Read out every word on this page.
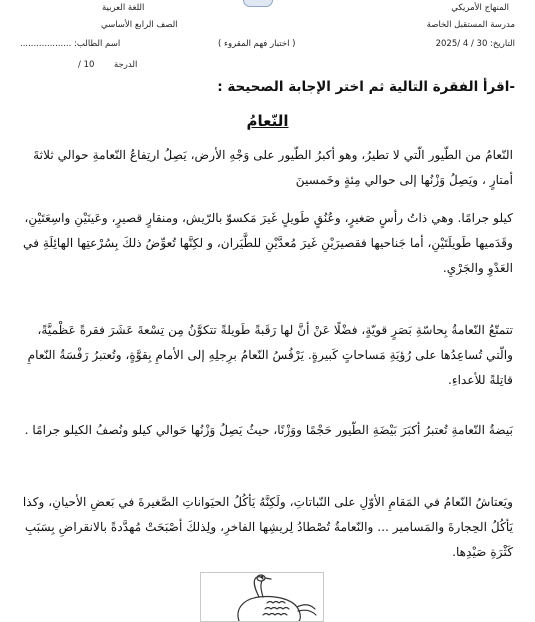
المنهاج الأمريكي
مدرسة المستقبل الخاصة
التاريخ: 30 / 4 /2025
( اختبار فهم المقروء )
اللغة العربية
الصف الرابع الأساسي
اسم الطالب: ...................
الدرجة
/ 10
-اقرأ الفقرة التالية ثم اختر الإجابة الصحيحة :
النّعامُ

النّعامُ من الطّيور الّتي لا تطيرُ، وهو أكبرُ الطّيور على وَجْهِ الأرض، يَصِلُ ارتِفاعُ النّعامةِ حوالي ثلاثةَ أمتارٍ ، ويَصِلُ وَزْنُها إلى حوالي مِئةٍ وخَمسينَ

كيلو جرامًا. وهي ذاتُ رأسٍ صَغيرٍ، وعُنُقٍ طَويلٍ غَيرَ مَكسوّ بالرّيش، ومنقارٍ قصيرٍ، وعَينَيْنِ واسِعَتَيْنِ، وقَدَميها طَويلَتَيْنِ، أما جَناحيها فقصيرَيْنِ غَيرَ مُعدَّيْنِ للطَّيَران، و لكِنَّها تُعوِّضُ ذلكَ بِسُرْعتِها الهائِلَةِ في العَدْوِ والجَرْيِ.

تتمتّعُ النّعامةُ بِحاسّةِ بَصَرٍ قويّةٍ، فضْلًا عَنْ أنَّ لها رَقَبةً طَويلةً تتكوَّنُ مِن تِسْعةَ عَشَرَ فقرةً عَظْميَّةً، والّتي تُساعِدُها على رُؤيَةِ مَساحاتٍ كَبيرةٍ. يَرْفُسُ النّعامُ برِجلِهِ إلى الأمامِ بِقوَّةٍ، وتُعتبرُ رَفْسَةُ النّعامِ قاتِلةً للأعداءِ.

بَيضةُ النّعامةِ تُعتبرُ أكبَرَ بَيْضَةِ الطّيور حَجْمًا ووَزْنًا، حيثُ يَصِلُ وَزْنُها حَوالي كيلو ونُصفُ الكيلو جرامًا .

ويَعتاشُ النّعامُ في المَقامِ الأوّلِ على النّباتاتِ، ولَكِنَّهُ يَأكُلُ الحيَواناتِ الصَّغيرةَ في بَعضِ الأحيانِ، وكذا يَأكُلُ الحِجارةَ والمَسامير ... والنّعامةُ تُصْطادُ لِريشِها الفاخرِ، ولِذلكَ أصْبَحَتْ مُهدَّدةً بالانقراضِ بِسَبَبِ كَثْرَةِ صَيْدِها.
